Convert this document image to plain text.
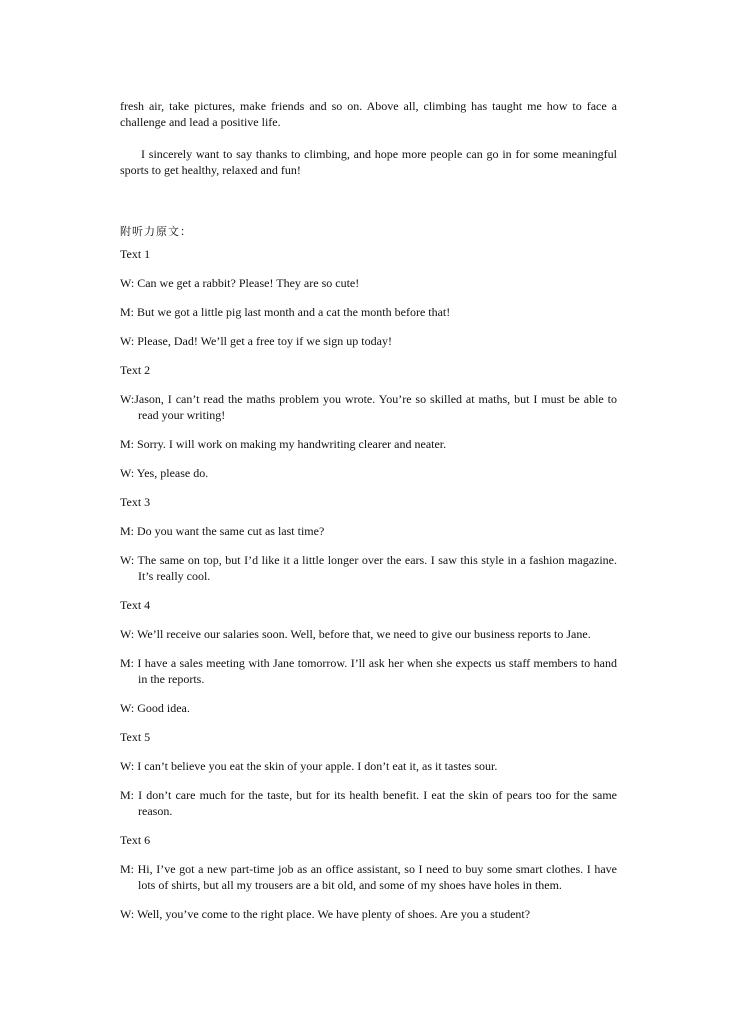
fresh air, take pictures, make friends and so on. Above all, climbing has taught me how to face a challenge and lead a positive life.

I sincerely want to say thanks to climbing, and hope more people can go in for some meaningful sports to get healthy, relaxed and fun!

附听力原文：

Text 1

W: Can we get a rabbit? Please! They are so cute!

M: But we got a little pig last month and a cat the month before that!

W: Please, Dad! We’ll get a free toy if we sign up today!

Text 2

W:Jason, I can’t read the maths problem you wrote. You’re so skilled at maths, but I must be able to read your writing!

M: Sorry. I will work on making my handwriting clearer and neater.

W: Yes, please do.

Text 3

M: Do you want the same cut as last time?

W: The same on top, but I’d like it a little longer over the ears. I saw this style in a fashion magazine. It’s really cool.

Text 4

W: We’ll receive our salaries soon. Well, before that, we need to give our business reports to Jane.

M: I have a sales meeting with Jane tomorrow. I’ll ask her when she expects us staff members to hand in the reports.

W: Good idea.

Text 5

W: I can’t believe you eat the skin of your apple. I don’t eat it, as it tastes sour.

M: I don’t care much for the taste, but for its health benefit. I eat the skin of pears too for the same reason.

Text 6

M: Hi, I’ve got a new part-time job as an office assistant, so I need to buy some smart clothes. I have lots of shirts, but all my trousers are a bit old, and some of my shoes have holes in them.

W: Well, you’ve come to the right place. We have plenty of shoes. Are you a student?
